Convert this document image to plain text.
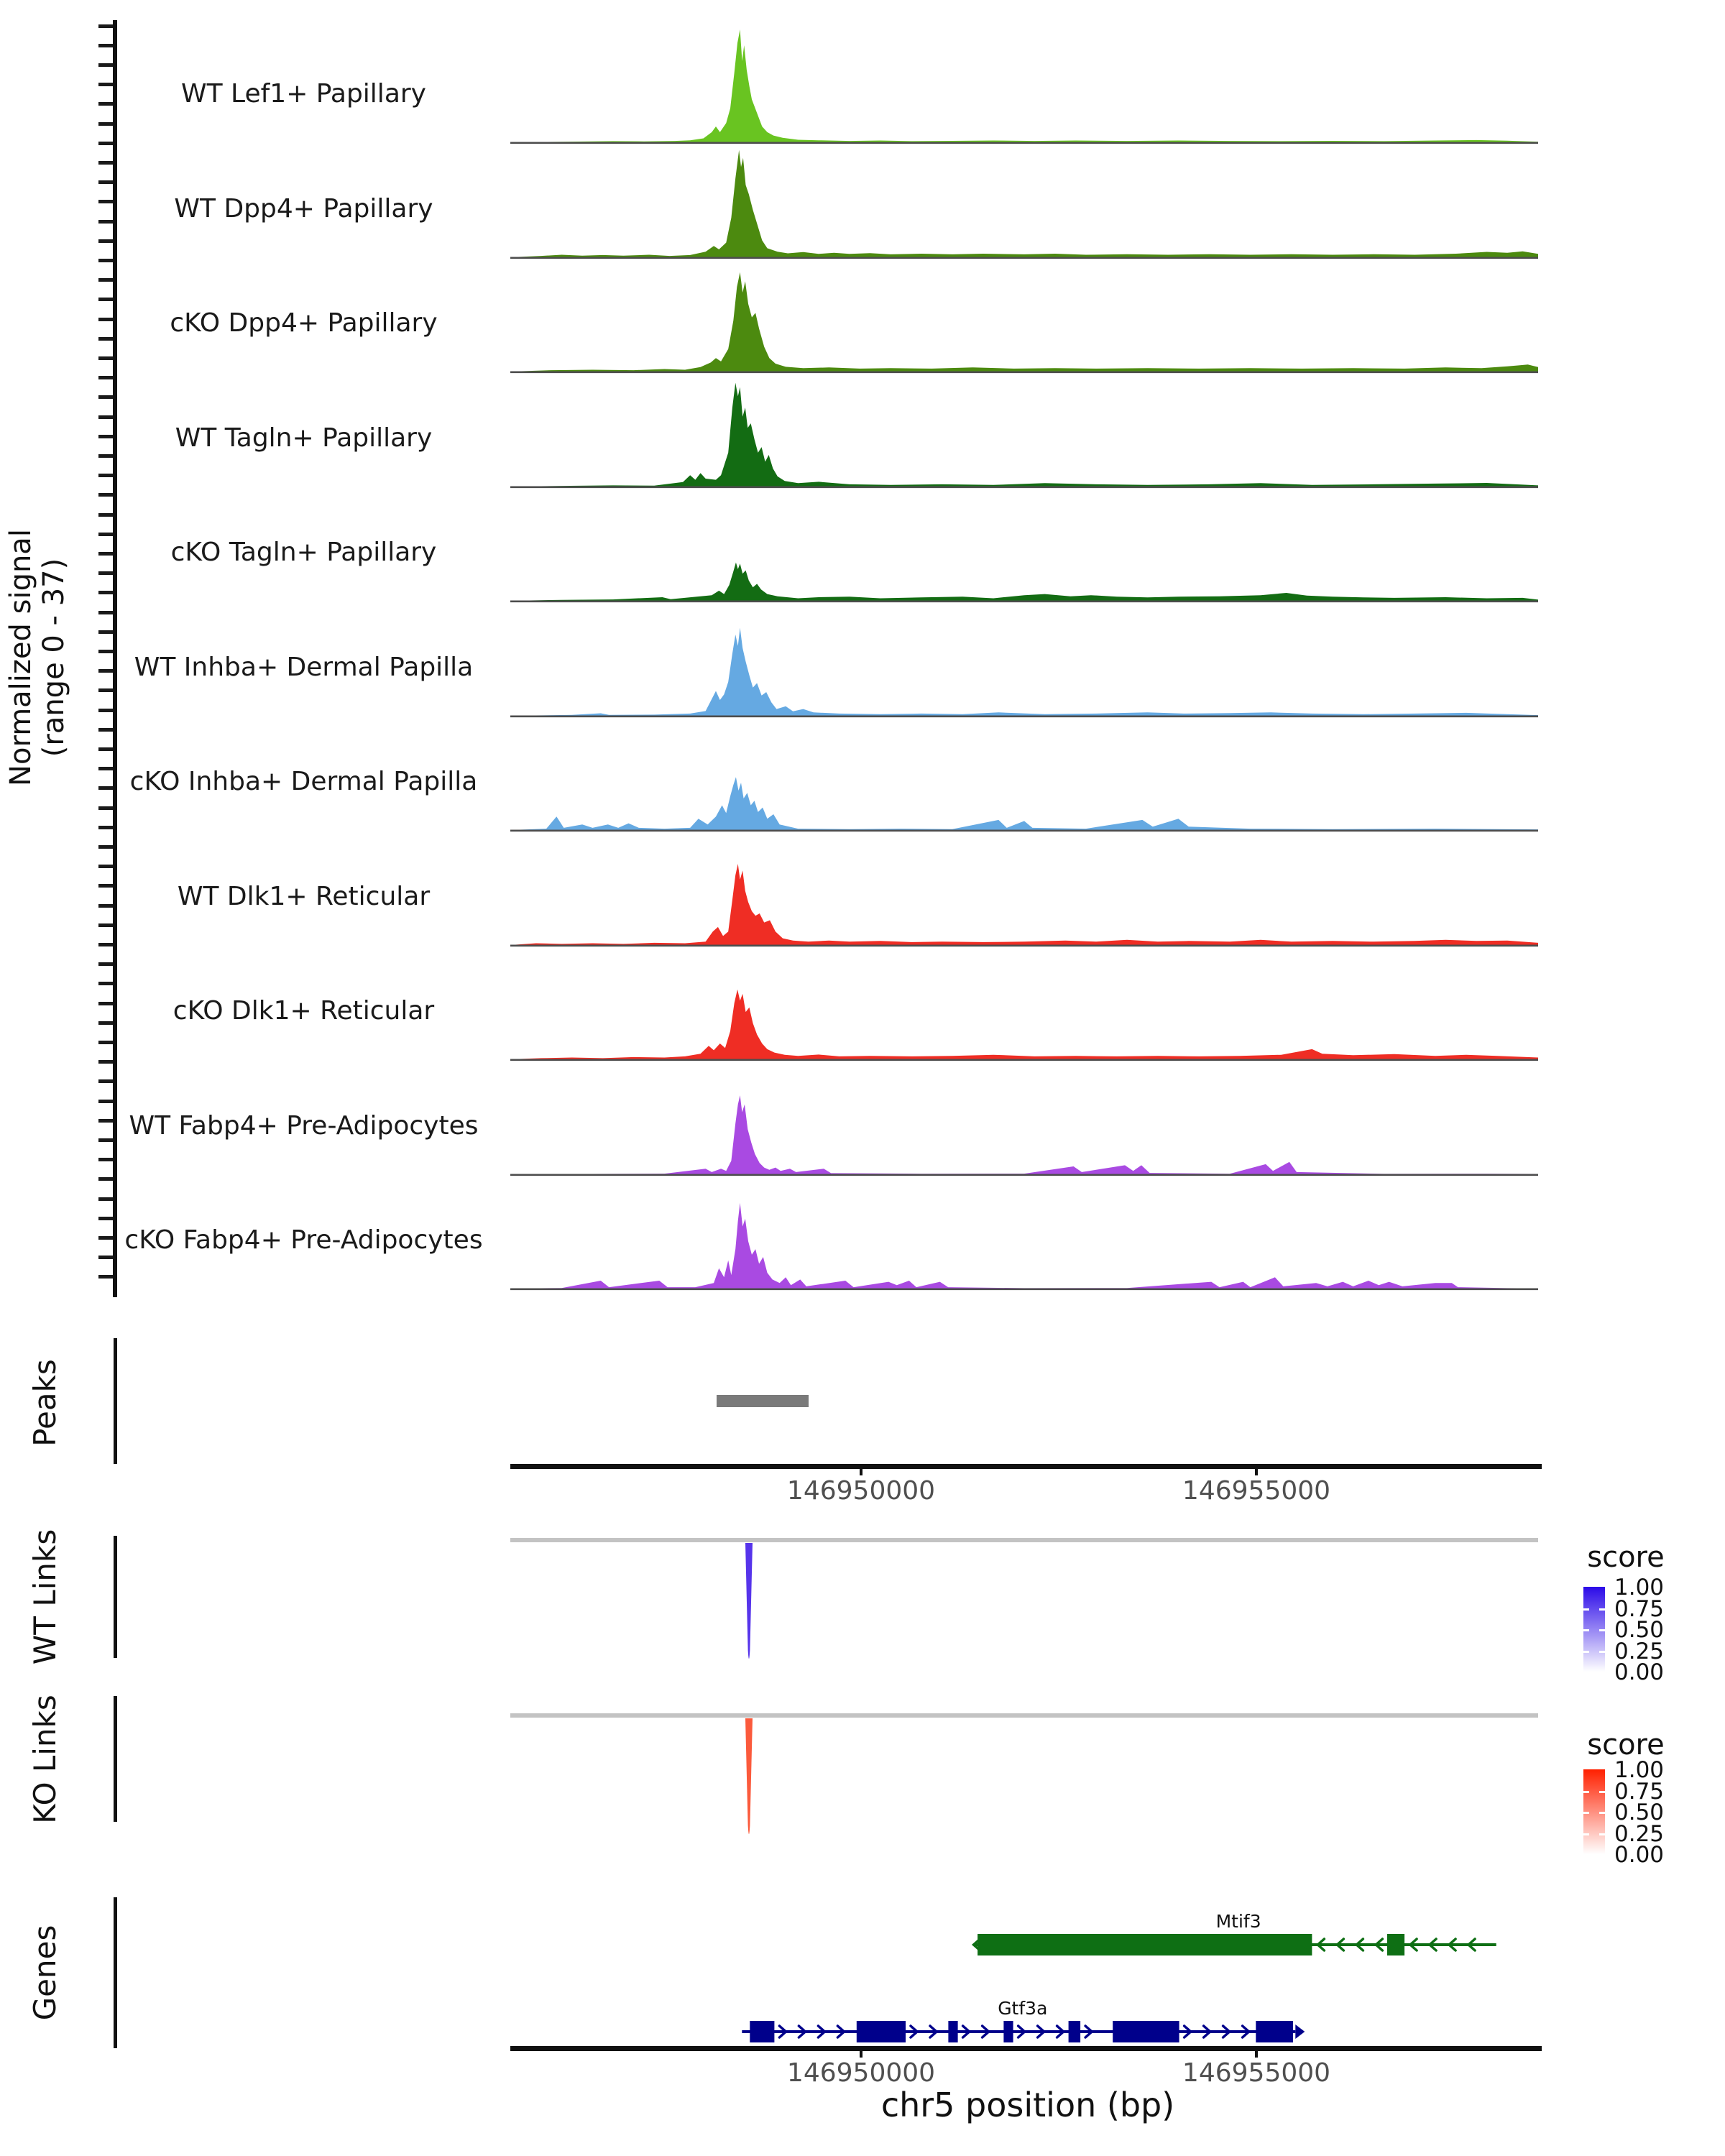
Normalized signal (range 0 - 37)
WT Lef1+ Papillary
WT Dpp4+ Papillary
cKO Dpp4+ Papillary
WT Tagln+ Papillary
cKO Tagln+ Papillary
WT Inhba+ Dermal Papilla
cKO Inhba+ Dermal Papilla
WT Dlk1+ Reticular
cKO Dlk1+ Reticular
WT Fabp4+ Pre-Adipocytes
cKO Fabp4+ Pre-Adipocytes
Peaks
146950000	146955000
WT Links	score
1.00
0.75
0.50
0.25
0.00
KO Links	score
1.00
0.75
0.50
0.25
0.00
Genes
Mtif3
Gtf3a
146950000	146955000
chr5 position (bp)
